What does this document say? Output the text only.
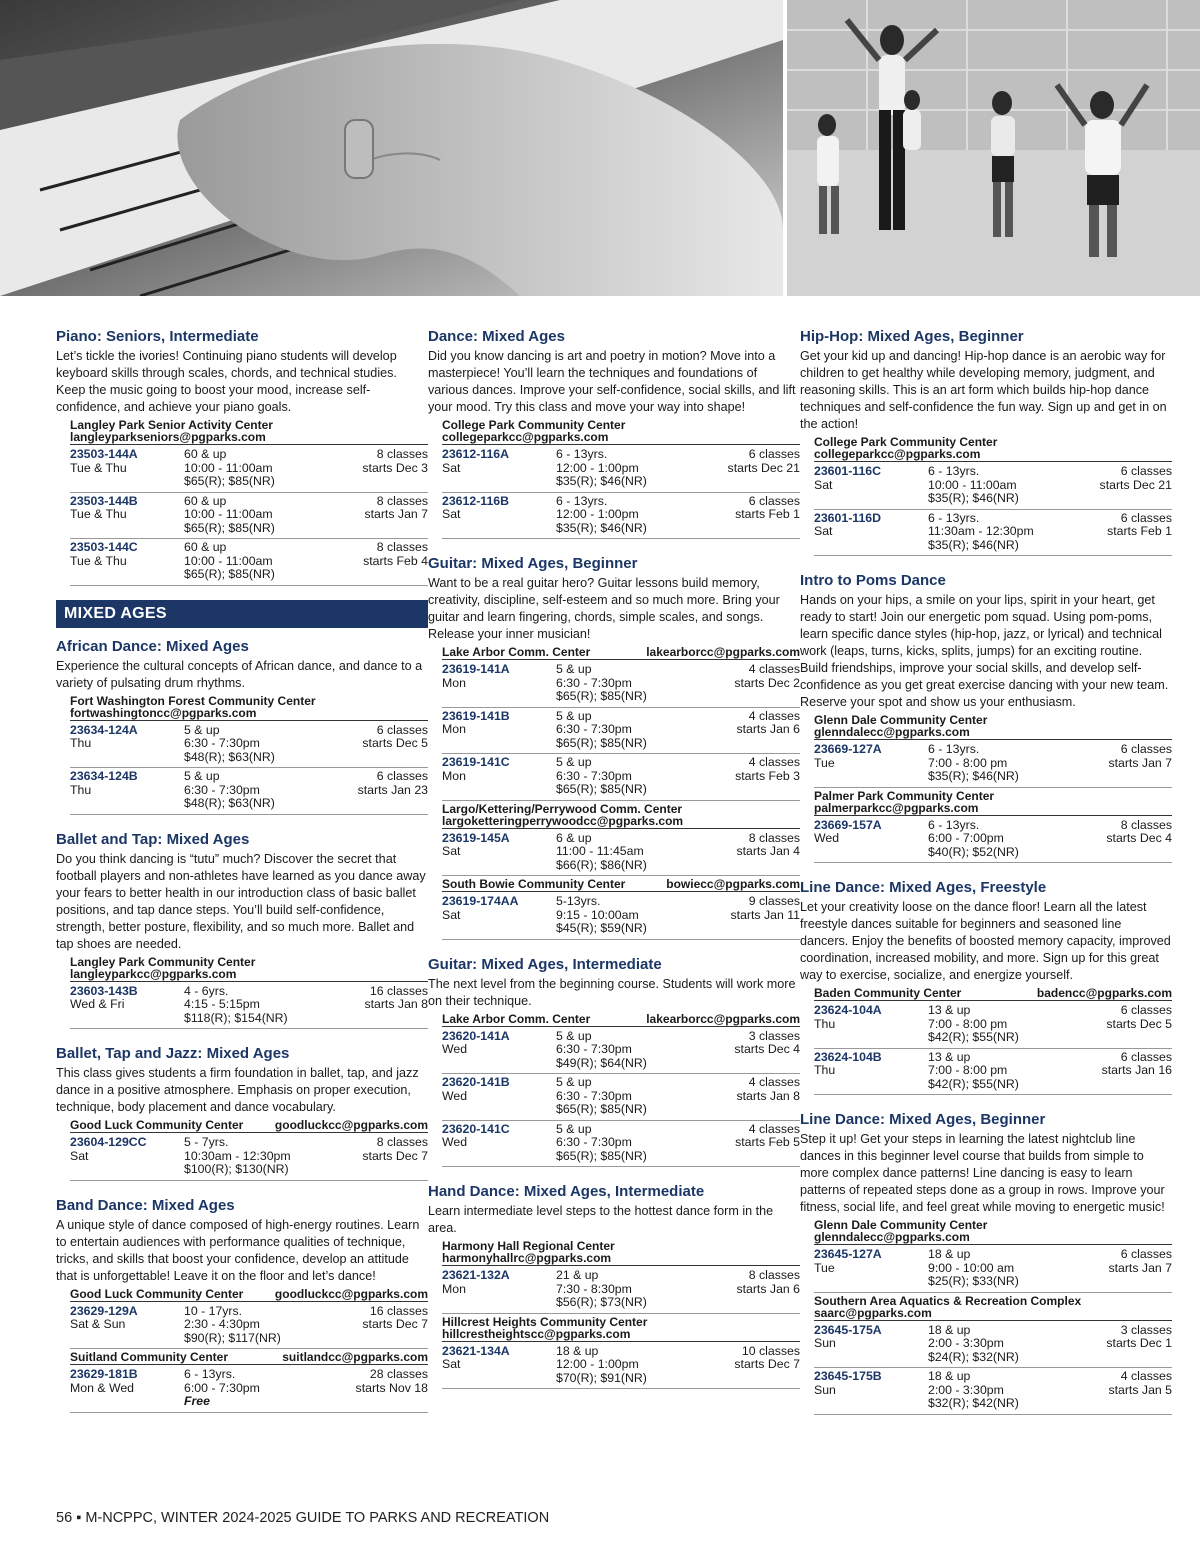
Piano: Seniors, Intermediate
Let’s tickle the ivories! Continuing piano students will develop keyboard skills through scales, chords, and technical studies. Keep the music going to boost your mood, increase self-confidence, and achieve your piano goals.
Langley Park Senior Activity Center
langleyparkseniors@pgparks.com
23503-144A	60 & up	8 classes
Tue & Thu	10:00 - 11:00am	starts Dec 3
$65(R); $85(NR)
23503-144B	60 & up	8 classes
Tue & Thu	10:00 - 11:00am	starts Jan 7
$65(R); $85(NR)
23503-144C	60 & up	8 classes
Tue & Thu	10:00 - 11:00am	starts Feb 4
$65(R); $85(NR)
MIXED AGES
African Dance: Mixed Ages
Experience the cultural concepts of African dance, and dance to a variety of pulsating drum rhythms.
Fort Washington Forest Community Center
fortwashingtoncc@pgparks.com
23634-124A	5 & up	6 classes
Thu	6:30 - 7:30pm	starts Dec 5
$48(R); $63(NR)
23634-124B	5 & up	6 classes
Thu	6:30 - 7:30pm	starts Jan 23
$48(R); $63(NR)
Ballet and Tap: Mixed Ages
Do you think dancing is “tutu” much? Discover the secret that football players and non-athletes have learned as you dance away your fears to better health in our introduction class of basic ballet positions, and tap dance steps. You’ll build self-confidence, strength, better posture, flexibility, and so much more. Ballet and tap shoes are needed.
Langley Park Community Center
langleyparkcc@pgparks.com
23603-143B	4 - 6yrs.	16 classes
Wed & Fri	4:15 - 5:15pm	starts Jan 8
$118(R); $154(NR)
Ballet, Tap and Jazz: Mixed Ages
This class gives students a firm foundation in ballet, tap, and jazz dance in a positive atmosphere. Emphasis on proper execution, technique, body placement and dance vocabulary.
Good Luck Community Center	goodluckcc@pgparks.com
23604-129CC	5 - 7yrs.	8 classes
Sat	10:30am - 12:30pm	starts Dec 7
$100(R); $130(NR)
Band Dance: Mixed Ages
A unique style of dance composed of high-energy routines. Learn to entertain audiences with performance qualities of technique, tricks, and skills that boost your confidence, develop an attitude that is unforgettable! Leave it on the floor and let’s dance!
Good Luck Community Center	goodluckcc@pgparks.com
23629-129A	10 - 17yrs.	16 classes
Sat & Sun	2:30 - 4:30pm	starts Dec 7
$90(R); $117(NR)
Suitland Community Center	suitlandcc@pgparks.com
23629-181B	6 - 13yrs.	28 classes
Mon & Wed	6:00 - 7:30pm	starts Nov 18
Free
Dance: Mixed Ages
Did you know dancing is art and poetry in motion? Move into a masterpiece! You’ll learn the techniques and foundations of various dances. Improve your self-confidence, social skills, and lift your mood. Try this class and move your way into shape!
College Park Community Center
collegeparkcc@pgparks.com
23612-116A	6 - 13yrs.	6 classes
Sat	12:00 - 1:00pm	starts Dec 21
$35(R); $46(NR)
23612-116B	6 - 13yrs.	6 classes
Sat	12:00 - 1:00pm	starts Feb 1
$35(R); $46(NR)
Guitar: Mixed Ages, Beginner
Want to be a real guitar hero? Guitar lessons build memory, creativity, discipline, self-esteem and so much more. Bring your guitar and learn fingering, chords, simple scales, and songs. Release your inner musician!
Lake Arbor Comm. Center	lakearborcc@pgparks.com
23619-141A	5 & up	4 classes
Mon	6:30 - 7:30pm	starts Dec 2
$65(R); $85(NR)
23619-141B	5 & up	4 classes
Mon	6:30 - 7:30pm	starts Jan 6
$65(R); $85(NR)
23619-141C	5 & up	4 classes
Mon	6:30 - 7:30pm	starts Feb 3
$65(R); $85(NR)
Largo/Kettering/Perrywood Comm. Center
largoketteringperrywoodcc@pgparks.com
23619-145A	6 & up	8 classes
Sat	11:00 - 11:45am	starts Jan 4
$66(R); $86(NR)
South Bowie Community Center	bowiecc@pgparks.com
23619-174AA	5-13yrs.	9 classes
Sat	9:15 - 10:00am	starts Jan 11
$45(R); $59(NR)
Guitar: Mixed Ages, Intermediate
The next level from the beginning course. Students will work more on their technique.
Lake Arbor Comm. Center	lakearborcc@pgparks.com
23620-141A	5 & up	3 classes
Wed	6:30 - 7:30pm	starts Dec 4
$49(R); $64(NR)
23620-141B	5 & up	4 classes
Wed	6:30 - 7:30pm	starts Jan 8
$65(R); $85(NR)
23620-141C	5 & up	4 classes
Wed	6:30 - 7:30pm	starts Feb 5
$65(R); $85(NR)
Hand Dance: Mixed Ages, Intermediate
Learn intermediate level steps to the hottest dance form in the area.
Harmony Hall Regional Center
harmonyhallrc@pgparks.com
23621-132A	21 & up	8 classes
Mon	7:30 - 8:30pm	starts Jan 6
$56(R); $73(NR)
Hillcrest Heights Community Center
hillcrestheightscc@pgparks.com
23621-134A	18 & up	10 classes
Sat	12:00 - 1:00pm	starts Dec 7
$70(R); $91(NR)
Hip-Hop: Mixed Ages, Beginner
Get your kid up and dancing! Hip-hop dance is an aerobic way for children to get healthy while developing memory, judgment, and reasoning skills. This is an art form which builds hip-hop dance techniques and self-confidence the fun way. Sign up and get in on the action!
College Park Community Center
collegeparkcc@pgparks.com
23601-116C	6 - 13yrs.	6 classes
Sat	10:00 - 11:00am	starts Dec 21
$35(R); $46(NR)
23601-116D	6 - 13yrs.	6 classes
Sat	11:30am - 12:30pm	starts Feb 1
$35(R); $46(NR)
Intro to Poms Dance
Hands on your hips, a smile on your lips, spirit in your heart, get ready to start! Join our energetic pom squad. Using pom-poms, learn specific dance styles (hip-hop, jazz, or lyrical) and technical work (leaps, turns, kicks, splits, jumps) for an exciting routine. Build friendships, improve your social skills, and develop self-confidence as you get great exercise dancing with your new team. Reserve your spot and show us your enthusiasm.
Glenn Dale Community Center
glenndalecc@pgparks.com
23669-127A	6 - 13yrs.	6 classes
Tue	7:00 - 8:00 pm	starts Jan 7
$35(R); $46(NR)
Palmer Park Community Center
palmerparkcc@pgparks.com
23669-157A	6 - 13yrs.	8 classes
Wed	6:00 - 7:00pm	starts Dec 4
$40(R); $52(NR)
Line Dance: Mixed Ages, Freestyle
Let your creativity loose on the dance floor! Learn all the latest freestyle dances suitable for beginners and seasoned line dancers. Enjoy the benefits of boosted memory capacity, improved coordination, increased mobility, and more. Sign up for this great way to exercise, socialize, and energize yourself.
Baden Community Center	badencc@pgparks.com
23624-104A	13 & up	6 classes
Thu	7:00 - 8:00 pm	starts Dec 5
$42(R); $55(NR)
23624-104B	13 & up	6 classes
Thu	7:00 - 8:00 pm	starts Jan 16
$42(R); $55(NR)
Line Dance: Mixed Ages, Beginner
Step it up! Get your steps in learning the latest nightclub line dances in this beginner level course that builds from simple to more complex dance patterns! Line dancing is easy to learn patterns of repeated steps done as a group in rows. Improve your fitness, social life, and feel great while moving to energetic music!
Glenn Dale Community Center
glenndalecc@pgparks.com
23645-127A	18 & up	6 classes
Tue	9:00 - 10:00 am	starts Jan 7
$25(R); $33(NR)
Southern Area Aquatics & Recreation Complex
saarc@pgparks.com
23645-175A	18 & up	3 classes
Sun	2:00 - 3:30pm	starts Dec 1
$24(R); $32(NR)
23645-175B	18 & up	4 classes
Sun	2:00 - 3:30pm	starts Jan 5
$32(R); $42(NR)
56 ▪ M-NCPPC, WINTER 2024-2025 GUIDE TO PARKS AND RECREATION
